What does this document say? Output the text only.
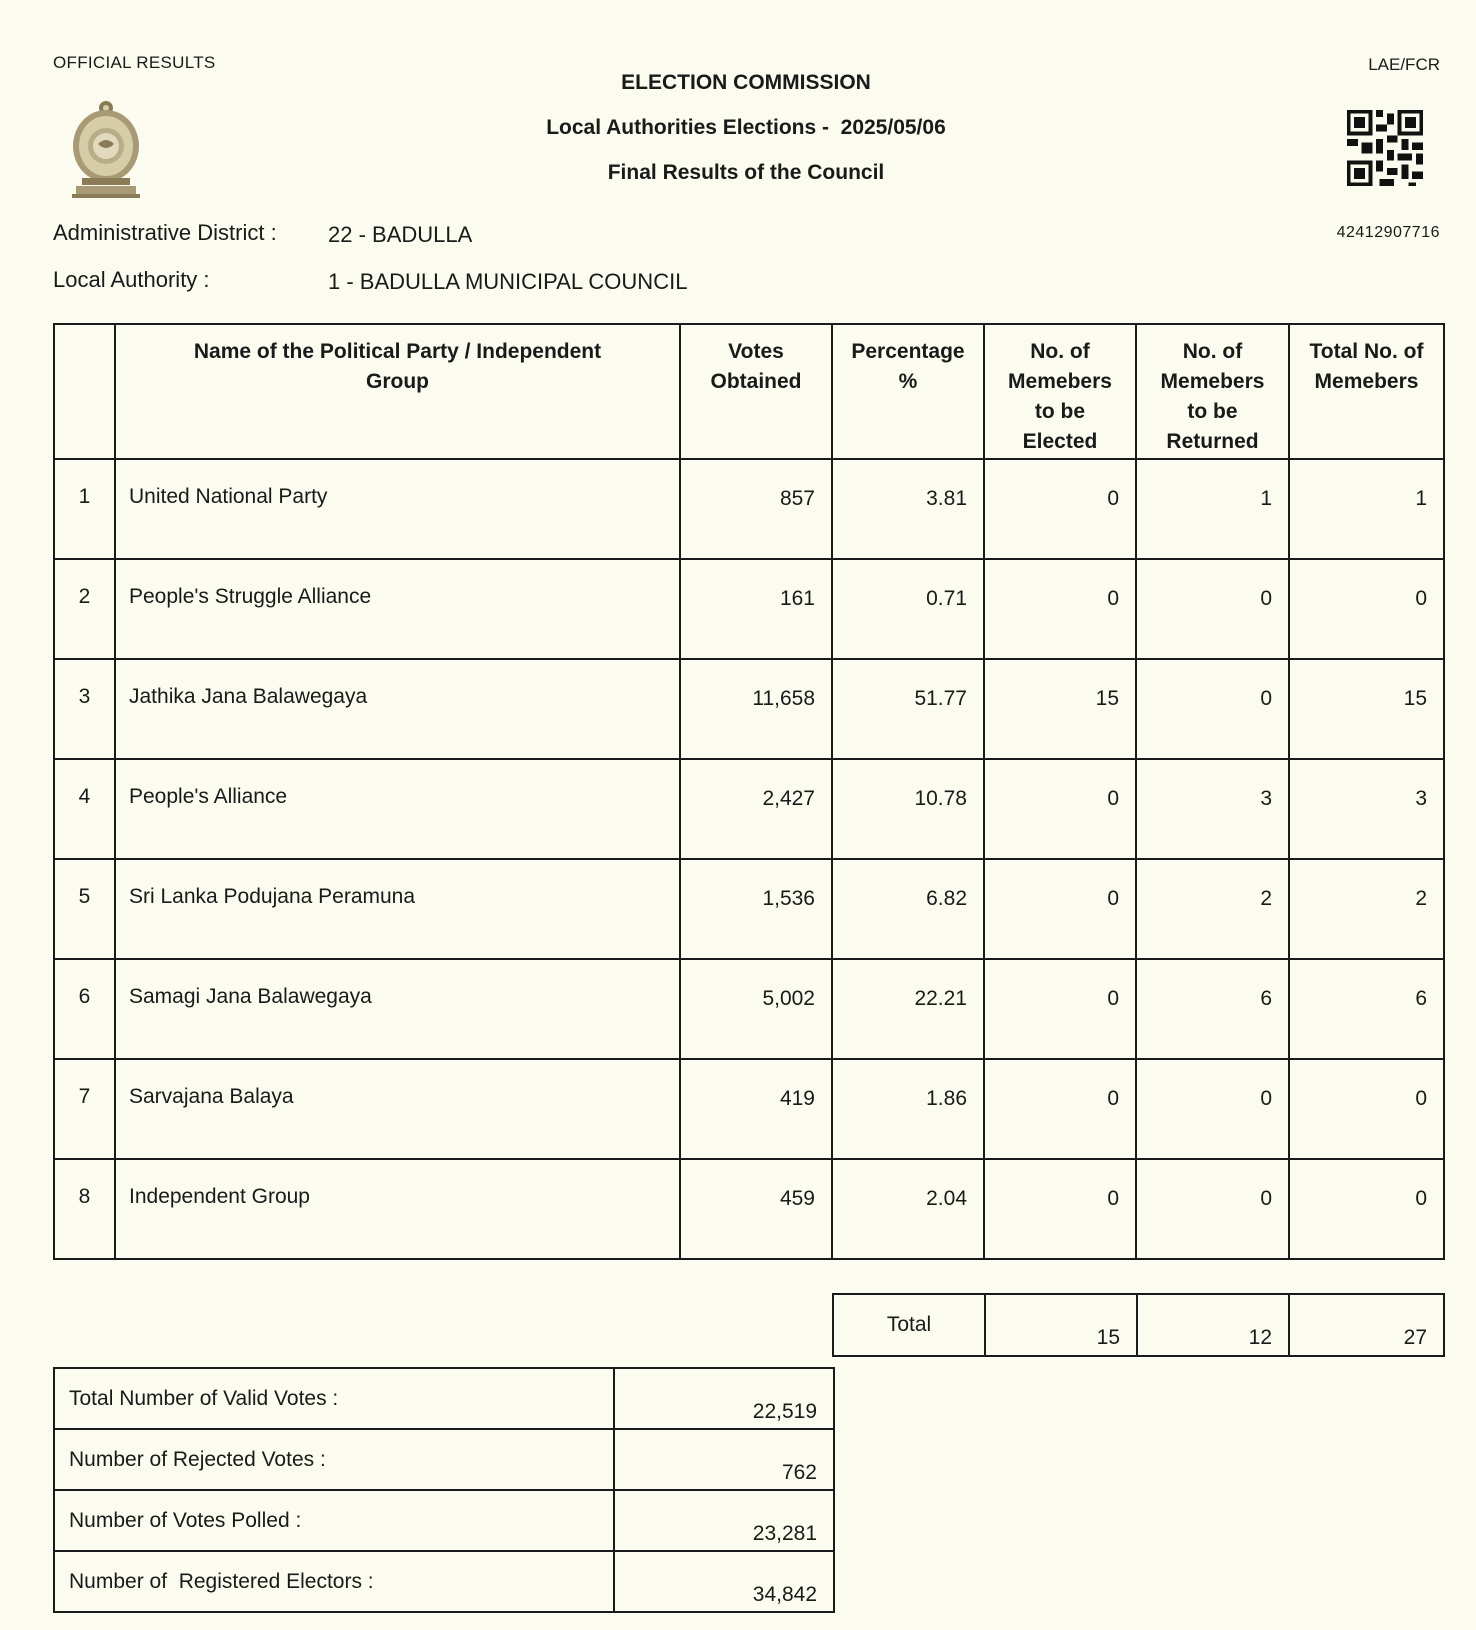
OFFICIAL RESULTS
ELECTION COMMISSION
Local Authorities Elections -  2025/05/06
Final Results of the Council
LAE/FCR
42412907716
Administrative District : 22 - BADULLA
Local Authority :	1 - BADULLA MUNICIPAL COUNCIL
	Name of the Political Party / Independent Group	Votes Obtained	Percentage %	No. of Memebers to be Elected	No. of Memebers to be Returned	Total No. of Memebers
1	United National Party	857	3.81	0	1	1
2	People's Struggle Alliance	161	0.71	0	0	0
3	Jathika Jana Balawegaya	11,658	51.77	15	0	15
4	People's Alliance	2,427	10.78	0	3	3
5	Sri Lanka Podujana Peramuna	1,536	6.82	0	2	2
6	Samagi Jana Balawegaya	5,002	22.21	0	6	6
7	Sarvajana Balaya	419	1.86	0	0	0
8	Independent Group	459	2.04	0	0	0
Total	15	12	27
Total Number of Valid Votes :	22,519
Number of Rejected Votes :	762
Number of Votes Polled :	23,281
Number of  Registered Electors :	34,842
